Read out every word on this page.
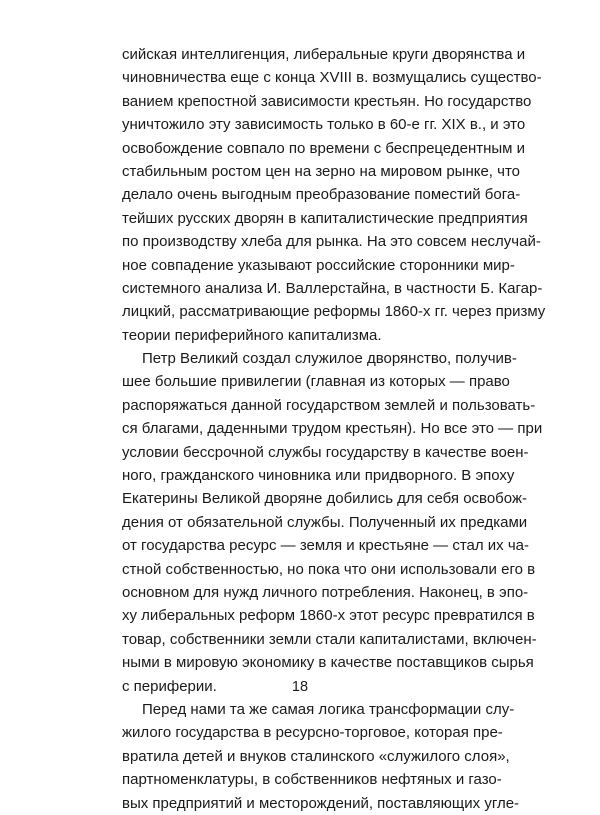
сийская интеллигенция, либеральные круги дворянства и
чиновничества еще с конца XVIII в. возмущались существо-
ванием крепостной зависимости крестьян. Но государство
уничтожило эту зависимость только в 60-е гг. XIX в., и это
освобождение совпало по времени с беспрецедентным и
стабильным ростом цен на зерно на мировом рынке, что
делало очень выгодным преобразование поместий бога-
тейших русских дворян в капиталистические предприятия
по производству хлеба для рынка. На это совсем неслучай-
ное совпадение указывают российские сторонники мир-
системного анализа И. Валлерстайна, в частности Б. Кагар-
лицкий, рассматривающие реформы 1860-х гг. через призму
теории периферийного капитализма.
Петр Великий создал служилое дворянство, получив-
шее большие привилегии (главная из которых — право
распоряжаться данной государством землей и пользовать-
ся благами, даденными трудом крестьян). Но все это — при
условии бессрочной службы государству в качестве воен-
ного, гражданского чиновника или придворного. В эпоху
Екатерины Великой дворяне добились для себя освобож-
дения от обязательной службы. Полученный их предками
от государства ресурс — земля и крестьяне — стал их ча-
стной собственностью, но пока что они использовали его в
основном для нужд личного потребления. Наконец, в эпо-
ху либеральных реформ 1860-х этот ресурс превратился в
товар, собственники земли стали капиталистами, включен-
ными в мировую экономику в качестве поставщиков сырья
с периферии.
Перед нами та же самая логика трансформации слу-
жилого государства в ресурсно-торговое, которая пре-
вратила детей и внуков сталинского «служилого слоя»,
партноменклатуры, в собственников нефтяных и газо-
вых предприятий и месторождений, поставляющих угле-
18
